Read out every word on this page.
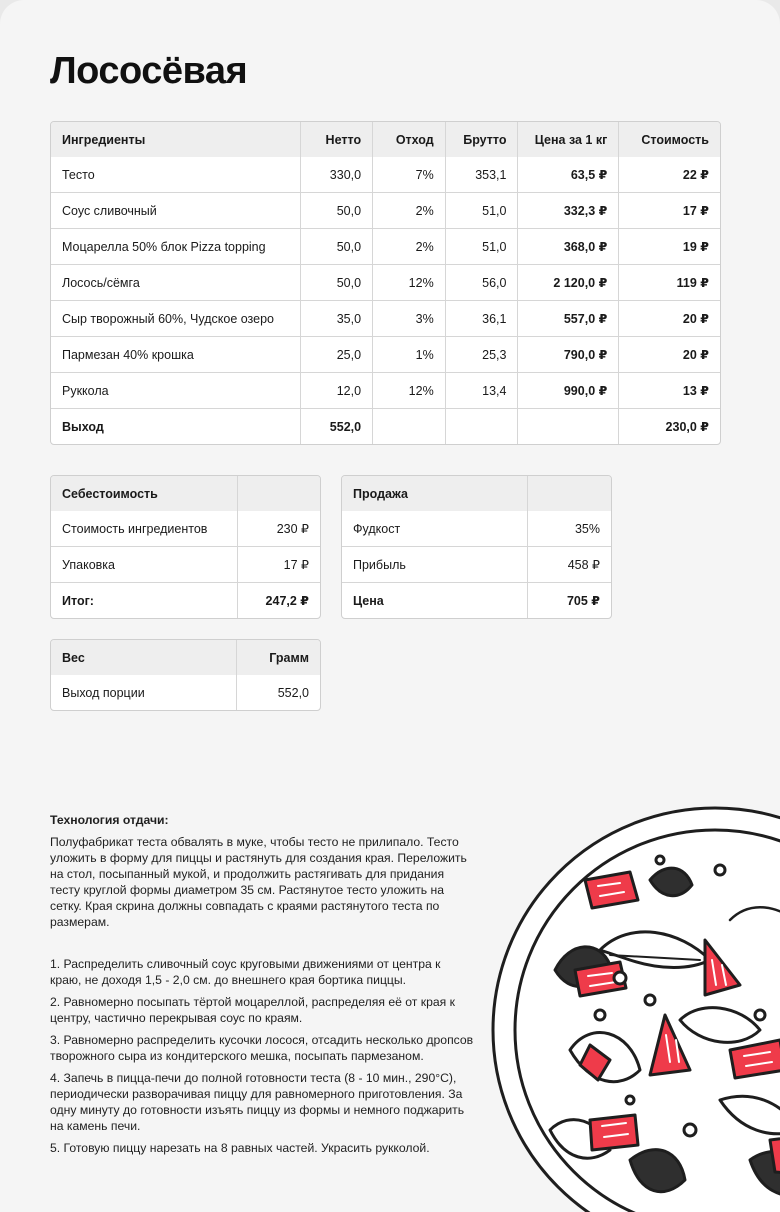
Лососёвая
Ингредиенты	Нетто	Отход	Брутто	Цена за 1 кг	Стоимость
Тесто	330,0	7%	353,1	63,5 ₽	22 ₽
Соус сливочный	50,0	2%	51,0	332,3 ₽	17 ₽
Моцарелла 50% блок Pizza topping	50,0	2%	51,0	368,0 ₽	19 ₽
Лосось/сёмга	50,0	12%	56,0	2 120,0 ₽	119 ₽
Сыр творожный 60%, Чудское озеро	35,0	3%	36,1	557,0 ₽	20 ₽
Пармезан 40% крошка	25,0	1%	25,3	790,0 ₽	20 ₽
Руккола	12,0	12%	13,4	990,0 ₽	13 ₽
Выход	552,0				230,0 ₽
Себестоимость	
Стоимость ингредиентов	230 ₽
Упаковка	17 ₽
Итог:	247,2 ₽
Продажа	
Фудкост	35%
Прибыль	458 ₽
Цена	705 ₽
Вес	Грамм
Выход порции	552,0
Технология отдачи:

Полуфабрикат теста обвалять в муке, чтобы тесто не прилипало. Тесто уложить в форму для пиццы и растянуть для создания края. Переложить на стол, посыпанный мукой, и продолжить растягивать для придания тесту круглой формы диаметром 35 см. Растянутое тесто уложить на сетку. Края скрина должны совпадать с краями растянутого теста по размерам.

1. Распределить сливочный соус круговыми движениями от центра к краю, не доходя 1,5 - 2,0 см. до внешнего края бортика пиццы.
2. Равномерно посыпать тёртой моцареллой, распределяя её от края к центру, частично перекрывая соус по краям.
3. Равномерно распределить кусочки лосося, отсадить несколько дропсов творожного сыра из кондитерского мешка, посыпать пармезаном.
4. Запечь в пицца-печи до полной готовности теста (8 - 10 мин., 290°С), периодически разворачивая пиццу для равномерного приготовления. За одну минуту до готовности изъять пиццу из формы и немного поджарить на камень печи.
5. Готовую пиццу нарезать на 8 равных частей. Украсить рукколой.
